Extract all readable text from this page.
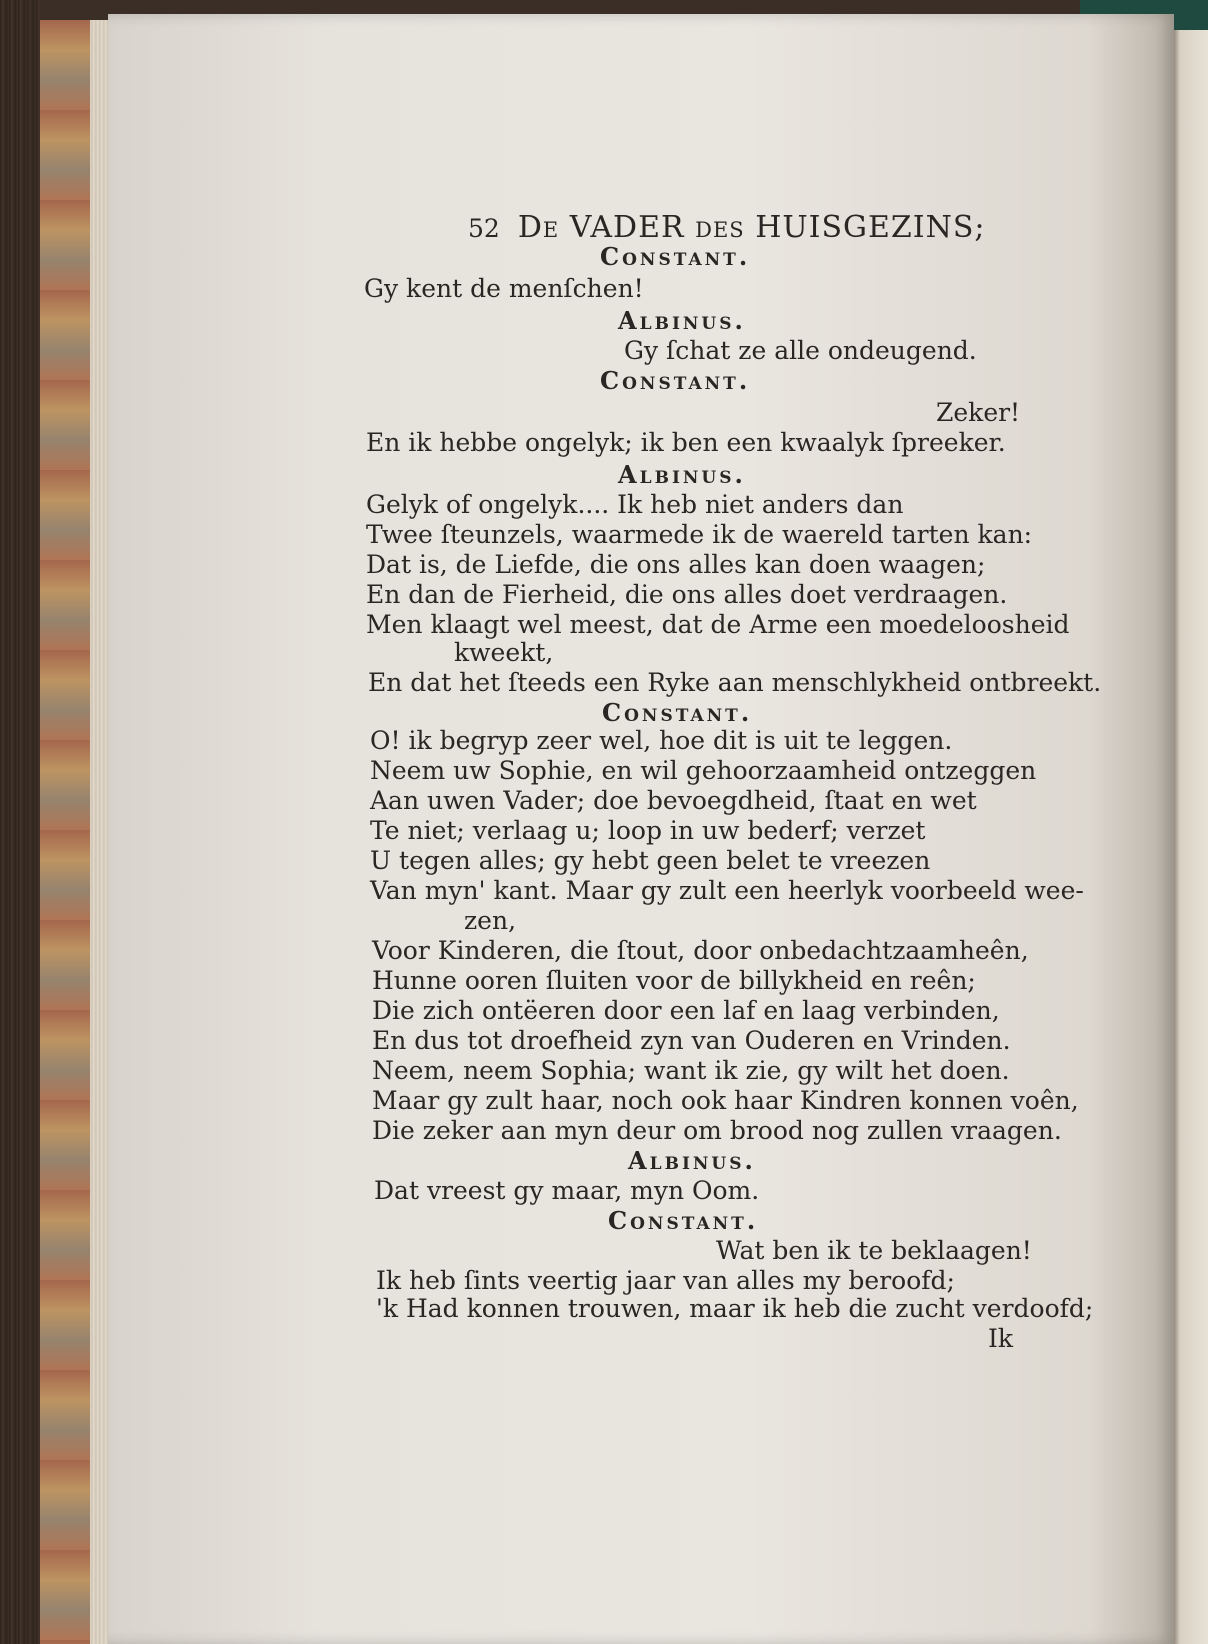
52 De VADER des HUISGEZINS;
Constant.
Gy kent de menſchen!
Albinus.
Gy ſchat ze alle ondeugend.
Constant.
Zeker!
En ik hebbe ongelyk; ik ben een kwaalyk ſpreeker.
Albinus.
Gelyk of ongelyk.... Ik heb niet anders dan
Twee ſteunzels, waarmede ik de waereld tarten kan:
Dat is, de Liefde, die ons alles kan doen waagen;
En dan de Fierheid, die ons alles doet verdraagen.
Men klaagt wel meest, dat de Arme een moedeloosheid
kweekt,
En dat het ſteeds een Ryke aan menschlykheid ontbreekt.
Constant.
O! ik begryp zeer wel, hoe dit is uit te leggen.
Neem uw Sophie, en wil gehoorzaamheid ontzeggen
Aan uwen Vader; doe bevoegdheid, ſtaat en wet
Te niet; verlaag u; loop in uw bederf; verzet
U tegen alles; gy hebt geen belet te vreezen
Van myn' kant. Maar gy zult een heerlyk voorbeeld wee-
zen,
Voor Kinderen, die ſtout, door onbedachtzaamheên,
Hunne ooren ſluiten voor de billykheid en reên;
Die zich ontëeren door een laf en laag verbinden,
En dus tot droefheid zyn van Ouderen en Vrinden.
Neem, neem Sophia; want ik zie, gy wilt het doen.
Maar gy zult haar, noch ook haar Kindren konnen voên,
Die zeker aan myn deur om brood nog zullen vraagen.
Albinus.
Dat vreest gy maar, myn Oom.
Constant.
Wat ben ik te beklaagen!
Ik heb ſints veertig jaar van alles my beroofd;
'k Had konnen trouwen, maar ik heb die zucht verdoofd;
Ik
